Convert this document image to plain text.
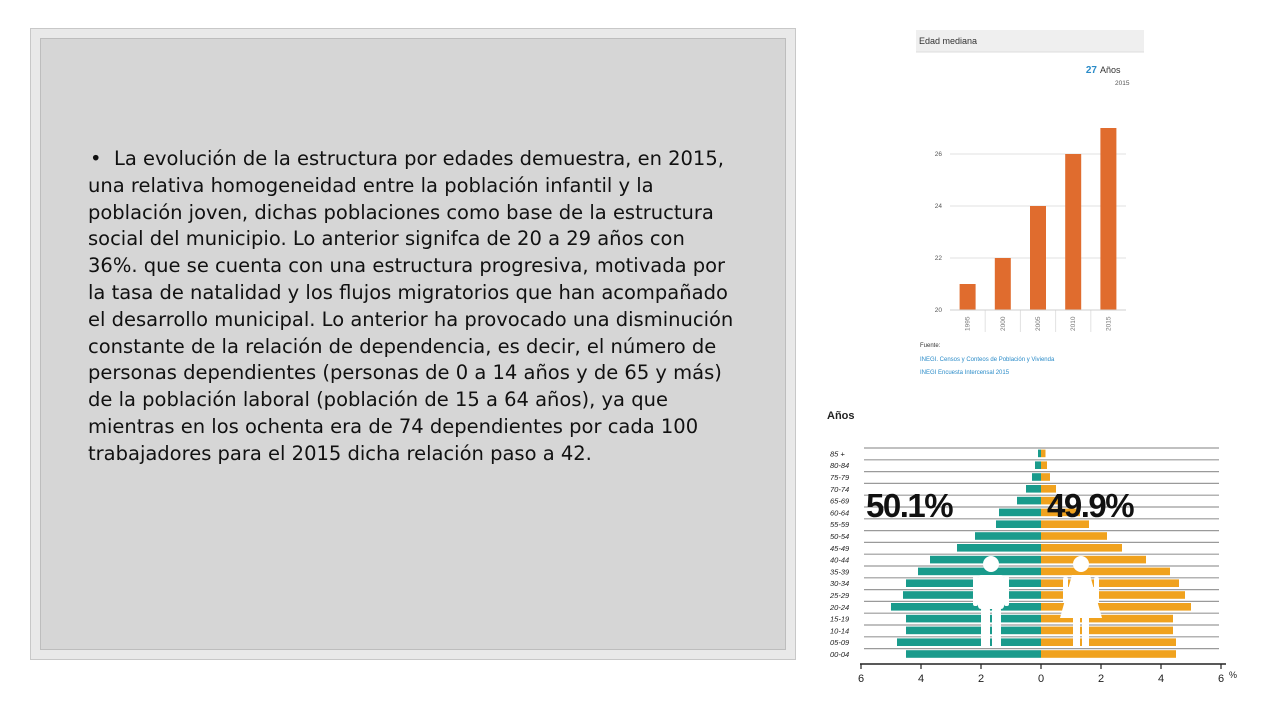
• La evolución de la estructura por edades demuestra, en 2015, una relativa homogeneidad entre la población infantil y la población joven, dichas poblaciones como base de la estructura social del municipio. Lo anterior signifca de 20 a 29 años con 36%. que se cuenta con una estructura progresiva, motivada por la tasa de natalidad y los flujos migratorios que han acompañado el desarrollo municipal. Lo anterior ha provocado una disminución constante de la relación de dependencia, es decir, el número de personas dependientes (personas de 0 a 14 años y de 65 y más) de la población laboral (población de 15 a 64 años), ya que mientras en los ochenta era de 74 dependientes por cada 100 trabajadores para el 2015 dicha relación paso a 42.
Edad mediana
27 Años
2015
20
22
24
26
1995	2000	2005	2010	2015
Fuente:
INEGI. Censos y Conteos de Población y Vivienda
INEGI Encuesta Intercensal 2015
Años
00-04
05-09
10-14
15-19
20-24
25-29
30-34
35-39
40-44
45-49
50-54
55-59
60-64
65-69
70-74
75-79
80-84
85 +
6	4	2	0	2	4	6 %
50.1%	49.9%
